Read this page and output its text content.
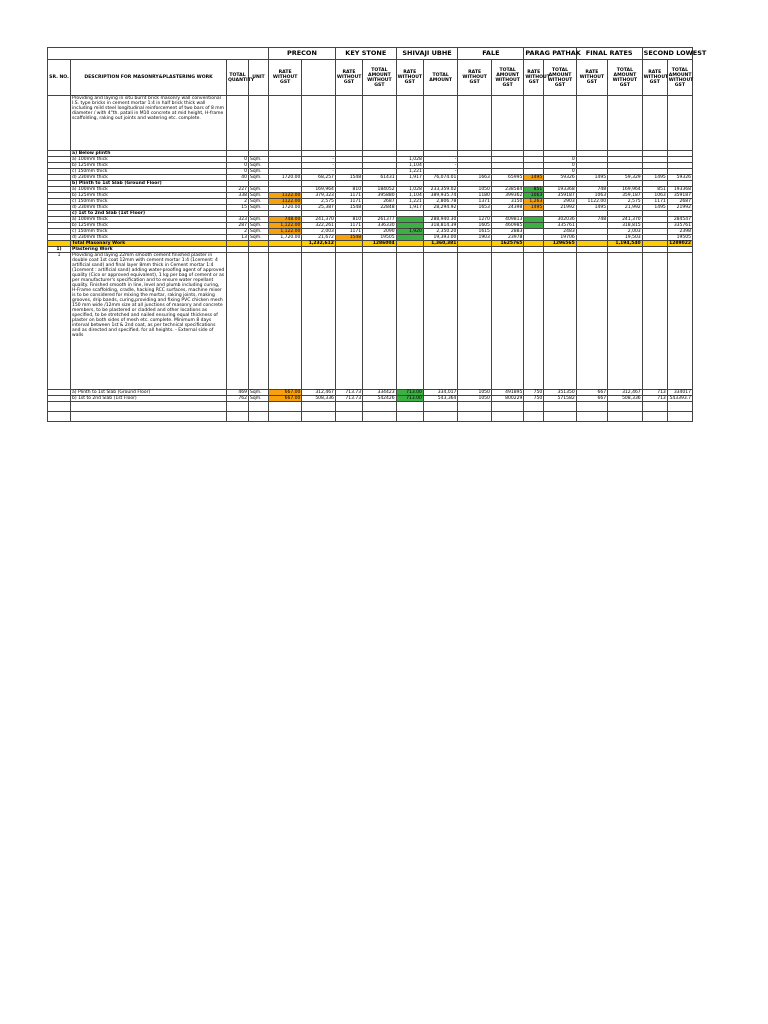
				PRECON		KEY STONE		SHIVAJI UBHE		FALE		PARAG PATHAK		FINAL RATES		SECOND LOWEST	
SR. NO.	DESCRIPTION FOR MASONRY&PLASTERING WORK	TOTAL QUANTITY	UNIT	RATE WITHOUT GST		RATE WITHOUT GST	TOTAL AMOUNT WITHOUT GST	RATE WITHOUT GST	TOTAL AMOUNT	RATE WITHOUT GST	TOTAL AMOUNT WITHOUT GST	RATE WITHOUT GST	TOTAL AMOUNT WITHOUT GST	RATE WITHOUT GST	TOTAL AMOUNT WITHOUT GST	RATE WITHOUT GST	TOTAL AMOUNT WITHOUT GST
	Providing and laying in situ burnt brick masonry wall conventional I.S. type bricks in cement mortar 1:4 in half brick thick wall including mild steel longitudinal reinforcement of two bars of 8 mm diameter / with 4"th. patali in M10 concrete at mid height, H-frame scaffolding, raking out joints and watering etc. complete.																
	a) Below plinth																
	a) 100mm thick	0	Sqm.		-			1,028	-				0				
	b) 125mm thick	0	Sqm.		-			1,104	-				0				
	c) 150mm thick	0	Sqm.		-			1,221	-				0				
	d) 230mm thick	40	Sqm.	1720.00	68,257	1548	61431	1,917	76,074.01	1663	65995	1495	59326	1495	59,329	1495	59326
	b) Plinth to 1st Slab (Ground Floor)																
	a) 100mm thick	227	Sqm.		169,964	810	184052	1,028	233,359.02	1050	238584	851	193368	748	169,964	851	193368
	b) 125mm thick	338	Sqm.	1122.00	379,323	1171	395880	1,104	389,935.74	1180	399362	1063	359187	1063	359,187	1063	359187
	c) 150mm thick	2	Sqm.	1122.00	2,575	1171	2687	1,221	2,806.78	1371	3150	1,263	2903	1122.00	2,575	1171	2687
	d) 230mm thick	15	Sqm.	1720.00	25,387	1548	22848	1,917	28,294.92	1653	24398	1495	21992	1495	21,992	1495	21992
	c) 1st to 2nd Slab (1st Floor)																
	a) 100mm thick	323	Sqm.	748.00	241,370	810	261377		288,940.30	1270	409813		302036	748	241,370		284547
	b) 125mm thick	287	Sqm.	1,122.00	322,261	1171	336330		318,814.39	1605	460985		335761		318,815		335761
	c) 150mm thick	2	Sqm.	1,122.00	2,003	1171	2090	1,920	2,350.20	1615	2883		2483		2,003		2398
	d) 230mm thick	13	Sqm.	1,720.00	21,672	1548	19505		19,393.00	1903	23978		19706		19,503		19505
	Total Masonary Work				1,232,612		1286004		1,360,381		1625765		1296565		1,194,540		1289022
1)	Plastering Work																
1	Providing and laying 22mm smooth cement finished plaster in double coat 1st coat 12mm with cement mortar 1:4 (1cement: 4 artificial sand) and final layer 8mm thick in Cement mortar 1:4 (1cement : artificial sand) adding water-proofing agent of approved quality (Cico or approved equivalent), 1 kg per bag of cement or as per manufacturer's specification and to ensure water repellant quality. Finished smooth in line, level and plumb including curing, H-Frame scaffolding, cradle, hacking RCC surfaces, machine mixer is to be considered for mixing the mortar, raking joints, making grooves, drip bands, curing,providing and fixing PVC chicken mesh 150 mm wide /12mm size at all junctions of masonry and concrete members, to be plastered or cladded and other locations as specified, to be stretched and nailed ensuring equal thickness of plaster on both sides of mesh etc. complete. Minimum 8 days interval between 1st & 2nd coat, as per technical specifications and as directed and specified. for all heights. - External side of walls																
	a) Plinth to 1st Slab (Ground Floor)	469	Sqm.	667.00	312,467	713.73	334423	713.00	334,017	1050	491895	750	351350	667	312,467	713	334017
	b) 1st to 2nd Slab (1st Floor)	762	Sqm.	667.00	508,336	713.73	542426	713.00	543,364	1050	800229	750	571582	667	508,336	713	543393.7
